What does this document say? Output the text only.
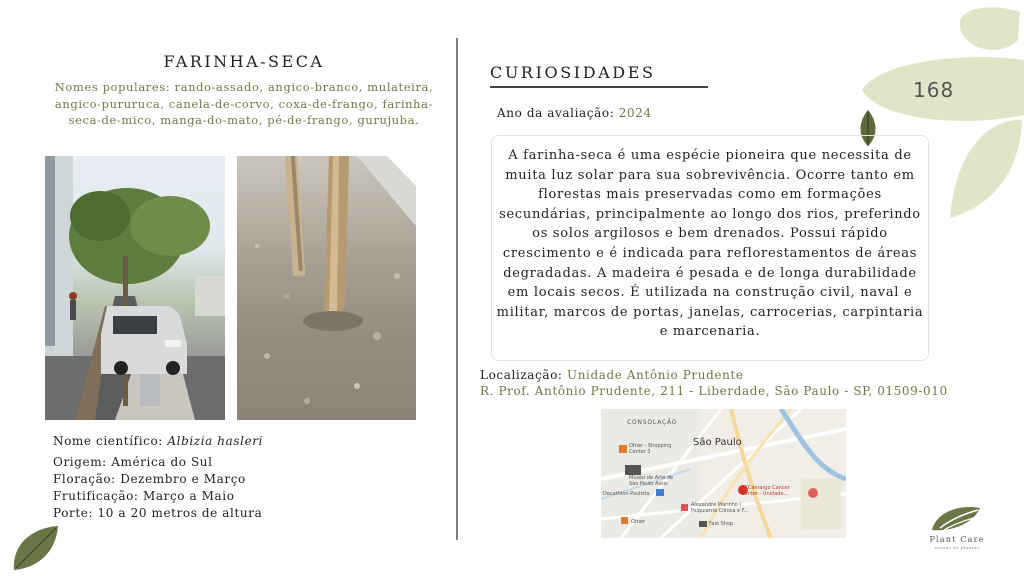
FARINHA-SECA
Nomes populares: rando-assado, angico-branco, mulateira, angico-pururuca, canela-de-corvo, coxa-de-frango, farinha-seca-de-mico, manga-do-mato, pé-de-frango, gurujuba.
Nome científico: Albizia hasleri
Origem: América do Sul
Floração: Dezembro e Março
Frutificação: Março a Maio
Porte: 10 a 20 metros de altura
CURIOSIDADES
Ano da avaliação: 2024

A farinha-seca é uma espécie pioneira que necessita de muita luz solar para sua sobrevivência. Ocorre tanto em florestas mais preservadas como em formações secundárias, principalmente ao longo dos rios, preferindo os solos argilosos e bem drenados. Possui rápido crescimento e é indicada para reflorestamentos de áreas degradadas. A madeira é pesada e de longa durabilidade em locais secos. É utilizada na construção civil, naval e militar, marcos de portas, janelas, carrocerias, carpintaria e marcenaria.

Localização: Unidade Antônio Prudente
R. Prof. Antônio Prudente, 211 - Liberdade, São Paulo - SP, 01509-010
CONSOLAÇÃO
São Paulo
Ofner - Shopping Center 3
Museu de Arte de São Paulo Assis
Decathlon Paulista
Alexandre Marinho | Psiquiatria Clínica e F...
ACCamargo Cancer Center - Unidade...
Ofner	Fast Shop
168
Plant Care
estudo de plantas
